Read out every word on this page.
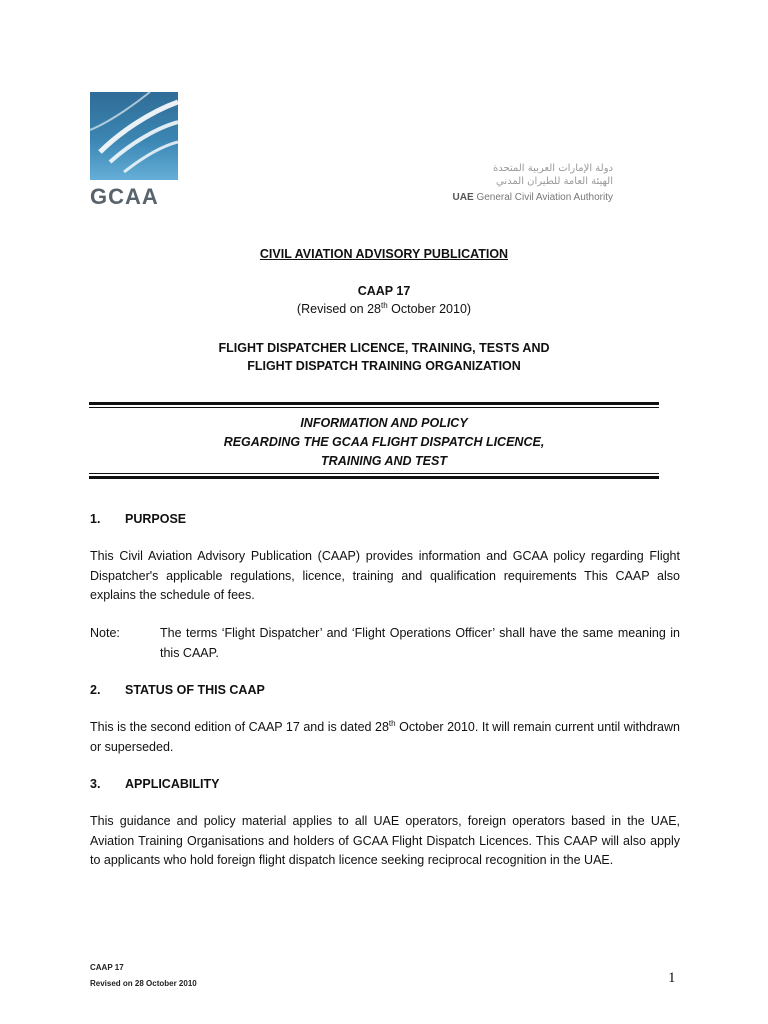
GCAA
دولة الإمارات العربية المتحدة
الهيئة العامة للطيران المدني
UAE General Civil Aviation Authority
CIVIL AVIATION ADVISORY PUBLICATION
CAAP 17
(Revised on 28th October 2010)
FLIGHT DISPATCHER LICENCE, TRAINING, TESTS AND
FLIGHT DISPATCH TRAINING ORGANIZATION
INFORMATION AND POLICY
REGARDING THE GCAA FLIGHT DISPATCH LICENCE,
TRAINING AND TEST
1. PURPOSE
This Civil Aviation Advisory Publication (CAAP) provides information and GCAA policy regarding Flight Dispatcher's applicable regulations, licence, training and qualification requirements This CAAP also explains the schedule of fees.
Note:	The terms ‘Flight Dispatcher’ and ‘Flight Operations Officer’ shall have the same meaning in this CAAP.
2. STATUS OF THIS CAAP
This is the second edition of CAAP 17 and is dated 28th October 2010. It will remain current until withdrawn or superseded.
3. APPLICABILITY
This guidance and policy material applies to all UAE operators, foreign operators based in the UAE, Aviation Training Organisations and holders of GCAA Flight Dispatch Licences. This CAAP will also apply to applicants who hold foreign flight dispatch licence seeking reciprocal recognition in the UAE.
CAAP 17
Revised on 28 October 2010	1
